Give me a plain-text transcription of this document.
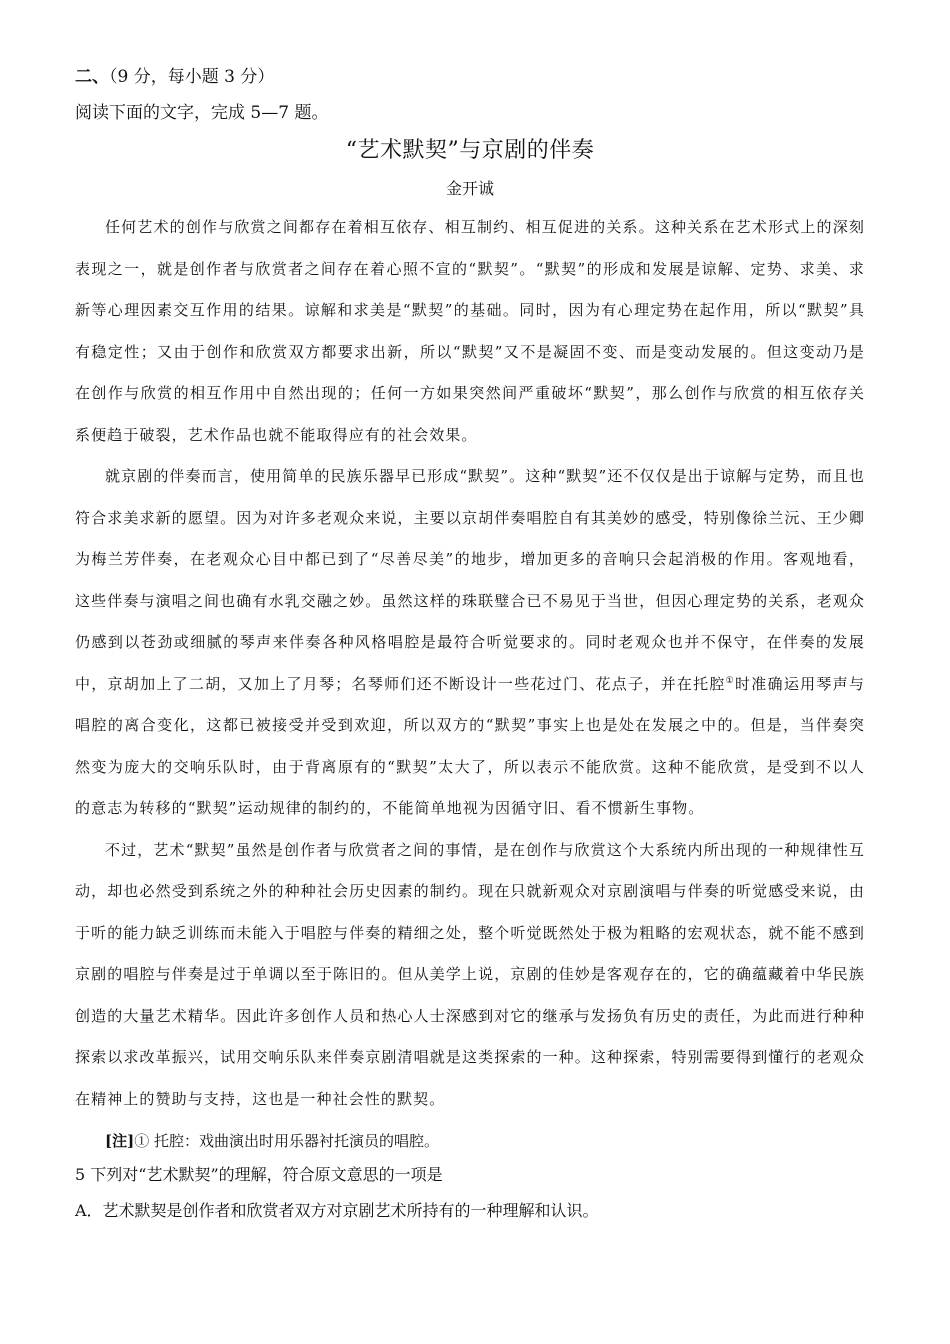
二、（9 分，每小题 3 分）

阅读下面的文字，完成 5—7 题。

“艺术默契”与京剧的伴奏
金开诚

任何艺术的创作与欣赏之间都存在着相互依存、相互制约、相互促进的关系。这种关系在艺术形式上的深刻表现之一，就是创作者与欣赏者之间存在着心照不宣的“默契”。“默契”的形成和发展是谅解、定势、求美、求新等心理因素交互作用的结果。谅解和求美是“默契”的基础。同时，因为有心理定势在起作用，所以“默契”具有稳定性；又由于创作和欣赏双方都要求出新，所以“默契”又不是凝固不变、而是变动发展的。但这变动乃是在创作与欣赏的相互作用中自然出现的；任何一方如果突然间严重破坏“默契”，那么创作与欣赏的相互依存关系便趋于破裂，艺术作品也就不能取得应有的社会效果。

就京剧的伴奏而言，使用简单的民族乐器早已形成“默契”。这种“默契”还不仅仅是出于谅解与定势，而且也符合求美求新的愿望。因为对许多老观众来说，主要以京胡伴奏唱腔自有其美妙的感受，特别像徐兰沅、王少卿为梅兰芳伴奏，在老观众心目中都已到了“尽善尽美”的地步，增加更多的音响只会起消极的作用。客观地看，这些伴奏与演唱之间也确有水乳交融之妙。虽然这样的珠联璧合已不易见于当世，但因心理定势的关系，老观众仍感到以苍劲或细腻的琴声来伴奏各种风格唱腔是最符合听觉要求的。同时老观众也并不保守，在伴奏的发展中，京胡加上了二胡，又加上了月琴；名琴师们还不断设计一些花过门、花点子，并在托腔①时准确运用琴声与唱腔的离合变化，这都已被接受并受到欢迎，所以双方的“默契”事实上也是处在发展之中的。但是，当伴奏突然变为庞大的交响乐队时，由于背离原有的“默契”太大了，所以表示不能欣赏。这种不能欣赏，是受到不以人的意志为转移的“默契”运动规律的制约的，不能简单地视为因循守旧、看不惯新生事物。

不过，艺术“默契”虽然是创作者与欣赏者之间的事情，是在创作与欣赏这个大系统内所出现的一种规律性互动，却也必然受到系统之外的种种社会历史因素的制约。现在只就新观众对京剧演唱与伴奏的听觉感受来说，由于听的能力缺乏训练而未能入于唱腔与伴奏的精细之处，整个听觉既然处于极为粗略的宏观状态，就不能不感到京剧的唱腔与伴奏是过于单调以至于陈旧的。但从美学上说，京剧的佳妙是客观存在的，它的确蕴藏着中华民族创造的大量艺术精华。因此许多创作人员和热心人士深感到对它的继承与发扬负有历史的责任，为此而进行种种探索以求改革振兴，试用交响乐队来伴奏京剧清唱就是这类探索的一种。这种探索，特别需要得到懂行的老观众在精神上的赞助与支持，这也是一种社会性的默契。

[注]① 托腔：戏曲演出时用乐器衬托演员的唱腔。

5 下列对“艺术默契”的理解，符合原文意思的一项是

A．艺术默契是创作者和欣赏者双方对京剧艺术所持有的一种理解和认识。
